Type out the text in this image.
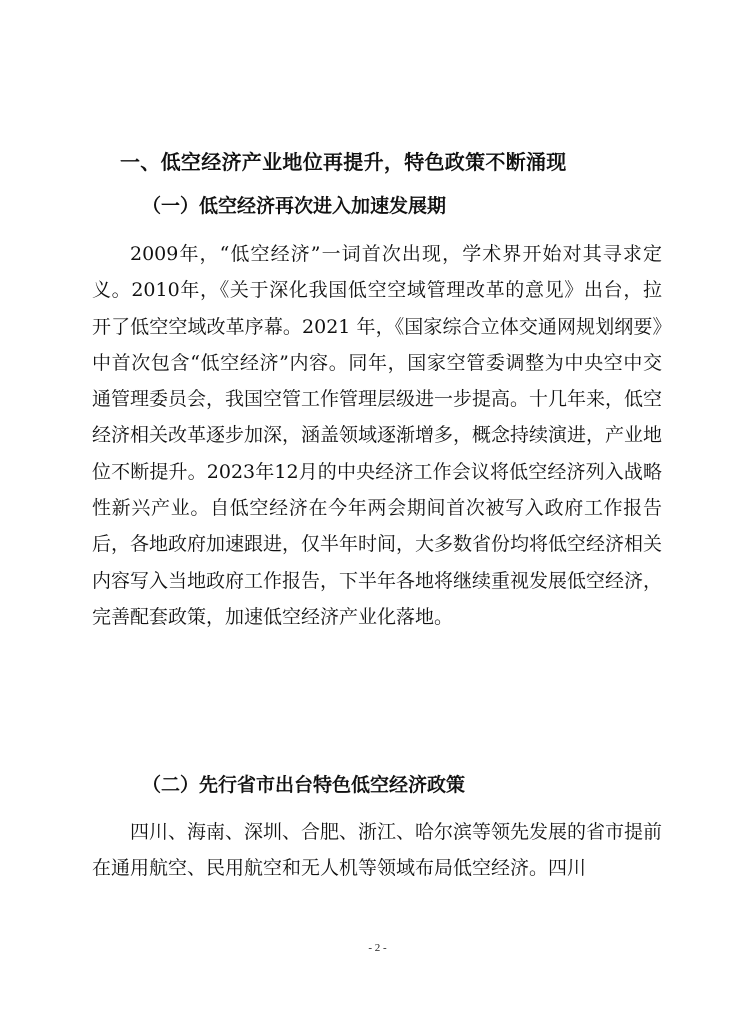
一、低空经济产业地位再提升，特色政策不断涌现
（一）低空经济再次进入加速发展期

2009年，“低空经济”一词首次出现，学术界开始对其寻求定义。2010年，《关于深化我国低空空域管理改革的意见》出台，拉开了低空空域改革序幕。2021 年，《国家综合立体交通网规划纲要》中首次包含“低空经济”内容。同年，国家空管委调整为中央空中交通管理委员会，我国空管工作管理层级进一步提高。十几年来，低空经济相关改革逐步加深，涵盖领域逐渐增多，概念持续演进，产业地位不断提升。2023年12月的中央经济工作会议将低空经济列入战略性新兴产业。自低空经济在今年两会期间首次被写入政府工作报告后，各地政府加速跟进，仅半年时间，大多数省份均将低空经济相关内容写入当地政府工作报告，下半年各地将继续重视发展低空经济，完善配套政策，加速低空经济产业化落地。

（二）先行省市出台特色低空经济政策

四川、海南、深圳、合肥、浙江、哈尔滨等领先发展的省市提前在通用航空、民用航空和无人机等领域布局低空经济。四川

- 2 -
